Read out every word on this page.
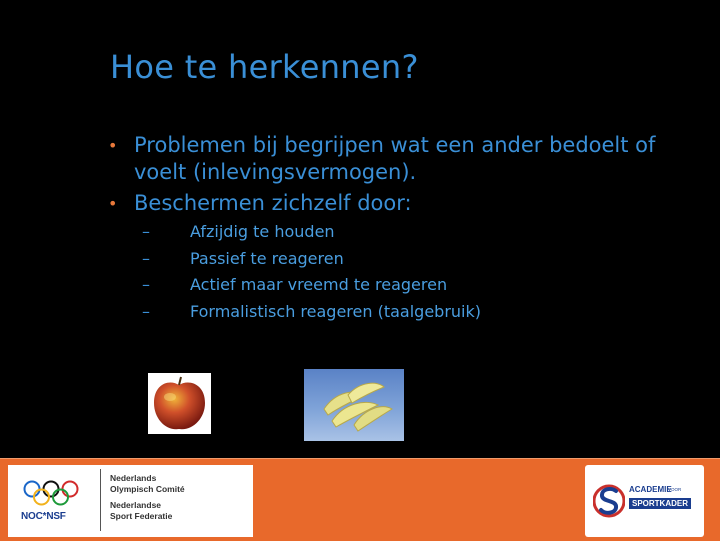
Hoe te herkennen?
• Problemen bij begrijpen wat een ander bedoelt of voelt (inlevingsvermogen).
• Beschermen zichzelf door:
–	Afzijdig te houden
–	Passief te reageren
–	Actief maar vreemd te reageren
–	Formalistisch reageren (taalgebruik)
NOC*NSF
Nederlands
Olympisch Comité
Nederlandse
Sport Federatie
ACADEMIE
VOOR
SPORTKADER
